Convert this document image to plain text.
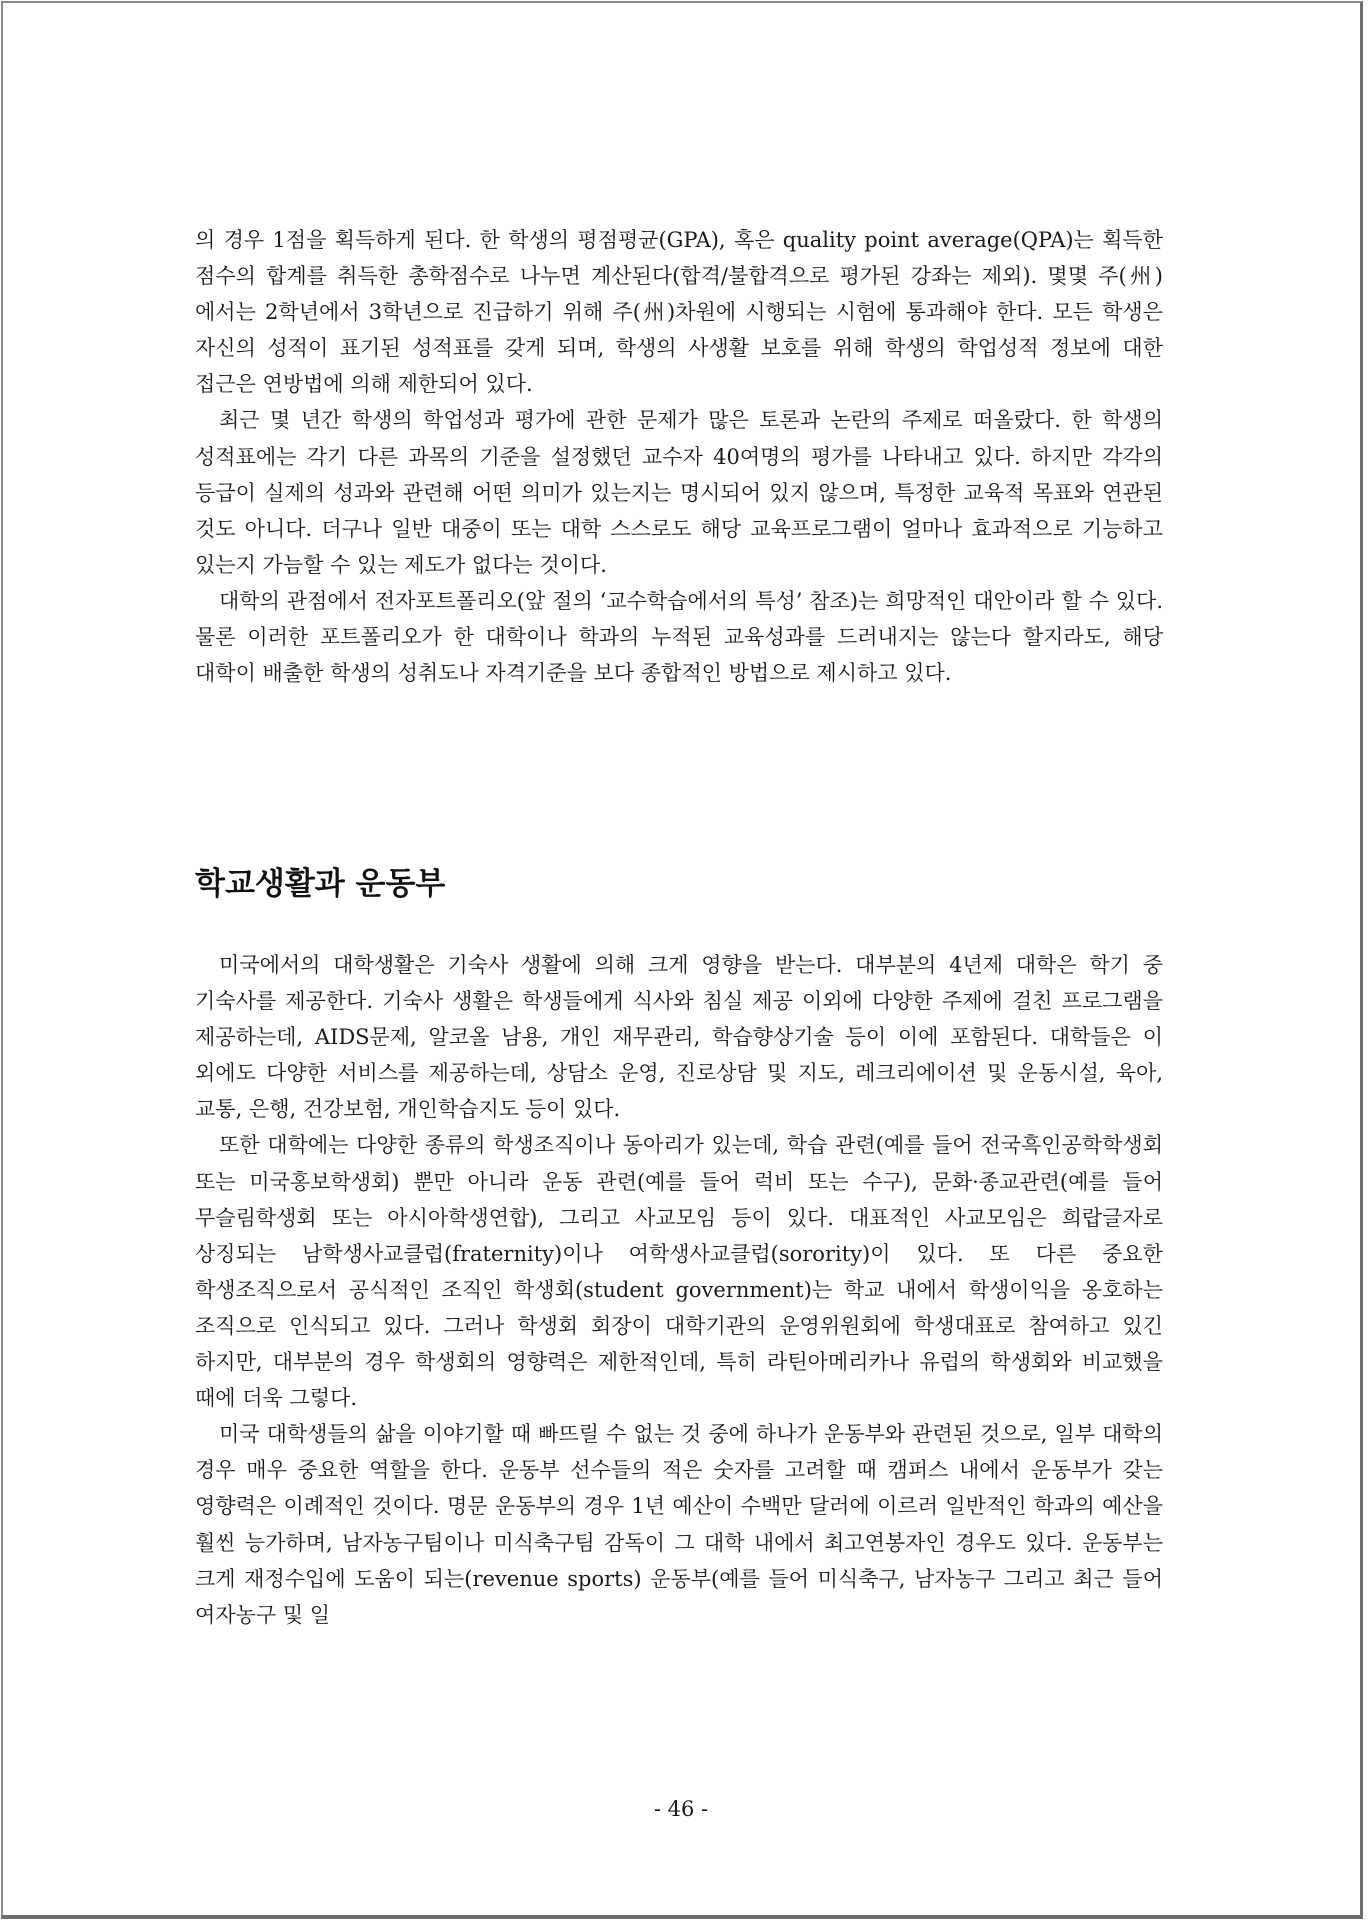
의 경우 1점을 획득하게 된다. 한 학생의 평점평균(GPA), 혹은 quality point average(QPA)는 획득한 점수의 합계를 취득한 총학점수로 나누면 계산된다(합격/불합격으로 평가된 강좌는 제외). 몇몇 주(州)에서는 2학년에서 3학년으로 진급하기 위해 주(州)차원에 시행되는 시험에 통과해야 한다. 모든 학생은 자신의 성적이 표기된 성적표를 갖게 되며, 학생의 사생활 보호를 위해 학생의 학업성적 정보에 대한 접근은 연방법에 의해 제한되어 있다.

최근 몇 년간 학생의 학업성과 평가에 관한 문제가 많은 토론과 논란의 주제로 떠올랐다. 한 학생의 성적표에는 각기 다른 과목의 기준을 설정했던 교수자 40여명의 평가를 나타내고 있다. 하지만 각각의 등급이 실제의 성과와 관련해 어떤 의미가 있는지는 명시되어 있지 않으며, 특정한 교육적 목표와 연관된 것도 아니다. 더구나 일반 대중이 또는 대학 스스로도 해당 교육프로그램이 얼마나 효과적으로 기능하고 있는지 가늠할 수 있는 제도가 없다는 것이다.

대학의 관점에서 전자포트폴리오(앞 절의 ‘교수학습에서의 특성’ 참조)는 희망적인 대안이라 할 수 있다. 물론 이러한 포트폴리오가 한 대학이나 학과의 누적된 교육성과를 드러내지는 않는다 할지라도, 해당 대학이 배출한 학생의 성취도나 자격기준을 보다 종합적인 방법으로 제시하고 있다.

학교생활과 운동부

미국에서의 대학생활은 기숙사 생활에 의해 크게 영향을 받는다. 대부분의 4년제 대학은 학기 중 기숙사를 제공한다. 기숙사 생활은 학생들에게 식사와 침실 제공 이외에 다양한 주제에 걸친 프로그램을 제공하는데, AIDS문제, 알코올 남용, 개인 재무관리, 학습향상기술 등이 이에 포함된다. 대학들은 이 외에도 다양한 서비스를 제공하는데, 상담소 운영, 진로상담 및 지도, 레크리에이션 및 운동시설, 육아, 교통, 은행, 건강보험, 개인학습지도 등이 있다.

또한 대학에는 다양한 종류의 학생조직이나 동아리가 있는데, 학습 관련(예를 들어 전국흑인공학학생회 또는 미국홍보학생회) 뿐만 아니라 운동 관련(예를 들어 럭비 또는 수구), 문화·종교관련(예를 들어 무슬림학생회 또는 아시아학생연합), 그리고 사교모임 등이 있다. 대표적인 사교모임은 희랍글자로 상징되는 남학생사교클럽(fraternity)이나 여학생사교클럽(sorority)이 있다. 또 다른 중요한 학생조직으로서 공식적인 조직인 학생회(student government)는 학교 내에서 학생이익을 옹호하는 조직으로 인식되고 있다. 그러나 학생회 회장이 대학기관의 운영위원회에 학생대표로 참여하고 있긴 하지만, 대부분의 경우 학생회의 영향력은 제한적인데, 특히 라틴아메리카나 유럽의 학생회와 비교했을 때에 더욱 그렇다.

미국 대학생들의 삶을 이야기할 때 빠뜨릴 수 없는 것 중에 하나가 운동부와 관련된 것으로, 일부 대학의 경우 매우 중요한 역할을 한다. 운동부 선수들의 적은 숫자를 고려할 때 캠퍼스 내에서 운동부가 갖는 영향력은 이례적인 것이다. 명문 운동부의 경우 1년 예산이 수백만 달러에 이르러 일반적인 학과의 예산을 훨씬 능가하며, 남자농구팀이나 미식축구팀 감독이 그 대학 내에서 최고연봉자인 경우도 있다. 운동부는 크게 재정수입에 도움이 되는(revenue sports) 운동부(예를 들어 미식축구, 남자농구 그리고 최근 들어 여자농구 및 일

- 46 -
